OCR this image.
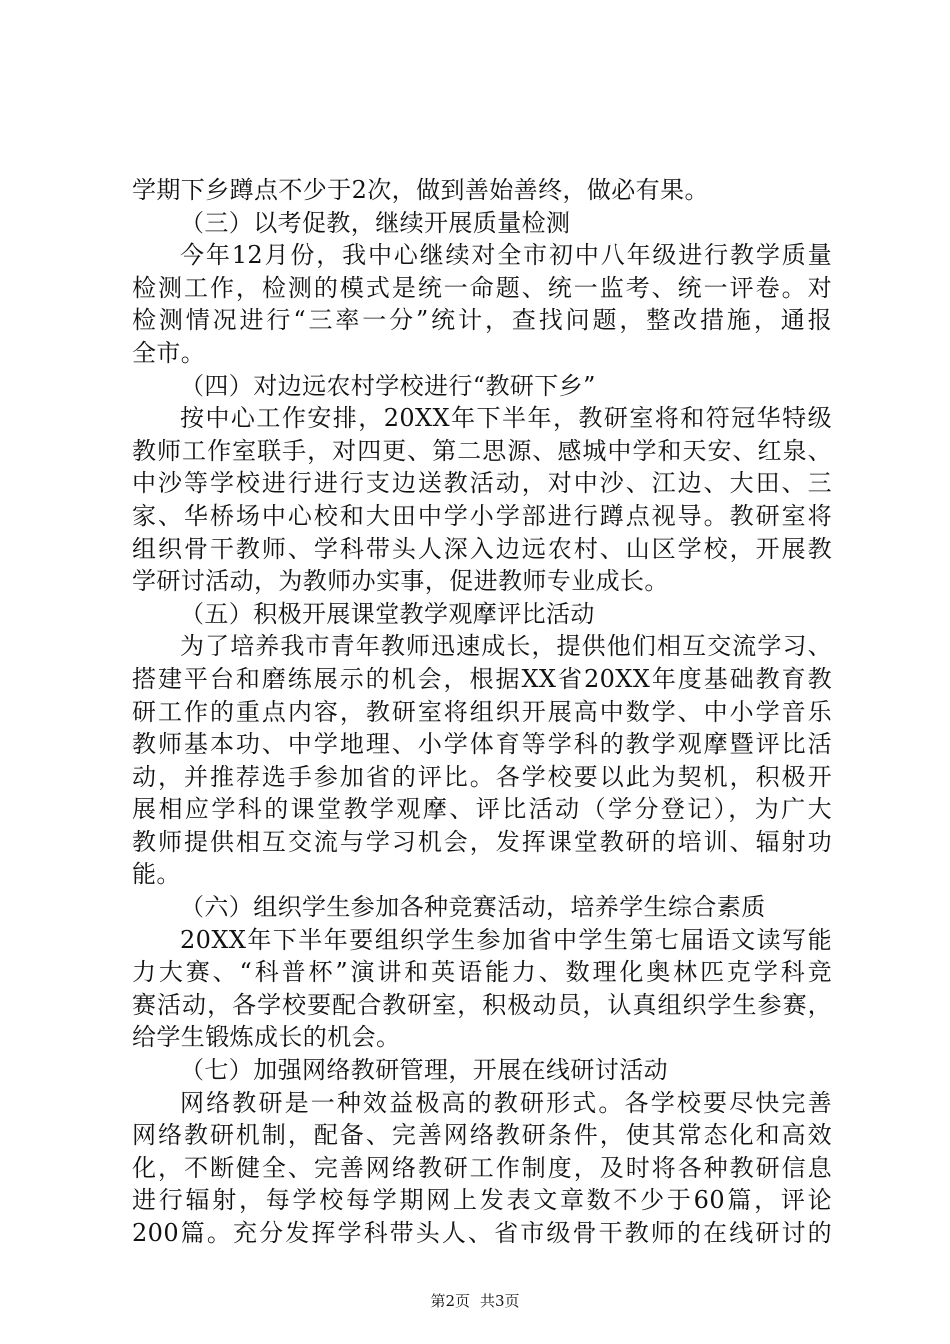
学期下乡蹲点不少于2次，做到善始善终，做必有果。
（三）以考促教，继续开展质量检测
今年12月份，我中心继续对全市初中八年级进行教学质量
检测工作，检测的模式是统一命题、统一监考、统一评卷。对
检测情况进行“三率一分”统计，查找问题，整改措施，通报
全市。
（四）对边远农村学校进行“教研下乡”
按中心工作安排，20XX年下半年，教研室将和符冠华特级
教师工作室联手，对四更、第二思源、感城中学和天安、红泉、
中沙等学校进行进行支边送教活动，对中沙、江边、大田、三
家、华桥场中心校和大田中学小学部进行蹲点视导。教研室将
组织骨干教师、学科带头人深入边远农村、山区学校，开展教
学研讨活动，为教师办实事，促进教师专业成长。
（五）积极开展课堂教学观摩评比活动
为了培养我市青年教师迅速成长，提供他们相互交流学习、
搭建平台和磨练展示的机会，根据XX省20XX年度基础教育教
研工作的重点内容，教研室将组织开展高中数学、中小学音乐
教师基本功、中学地理、小学体育等学科的教学观摩暨评比活
动，并推荐选手参加省的评比。各学校要以此为契机，积极开
展相应学科的课堂教学观摩、评比活动（学分登记），为广大
教师提供相互交流与学习机会，发挥课堂教研的培训、辐射功
能。
（六）组织学生参加各种竞赛活动，培养学生综合素质
20XX年下半年要组织学生参加省中学生第七届语文读写能
力大赛、“科普杯”演讲和英语能力、数理化奥林匹克学科竞
赛活动，各学校要配合教研室，积极动员，认真组织学生参赛，
给学生锻炼成长的机会。
（七）加强网络教研管理，开展在线研讨活动
网络教研是一种效益极高的教研形式。各学校要尽快完善
网络教研机制，配备、完善网络教研条件，使其常态化和高效
化，不断健全、完善网络教研工作制度，及时将各种教研信息
进行辐射，每学校每学期网上发表文章数不少于60篇，评论
200篇。充分发挥学科带头人、省市级骨干教师的在线研讨的
第2页 共3页
